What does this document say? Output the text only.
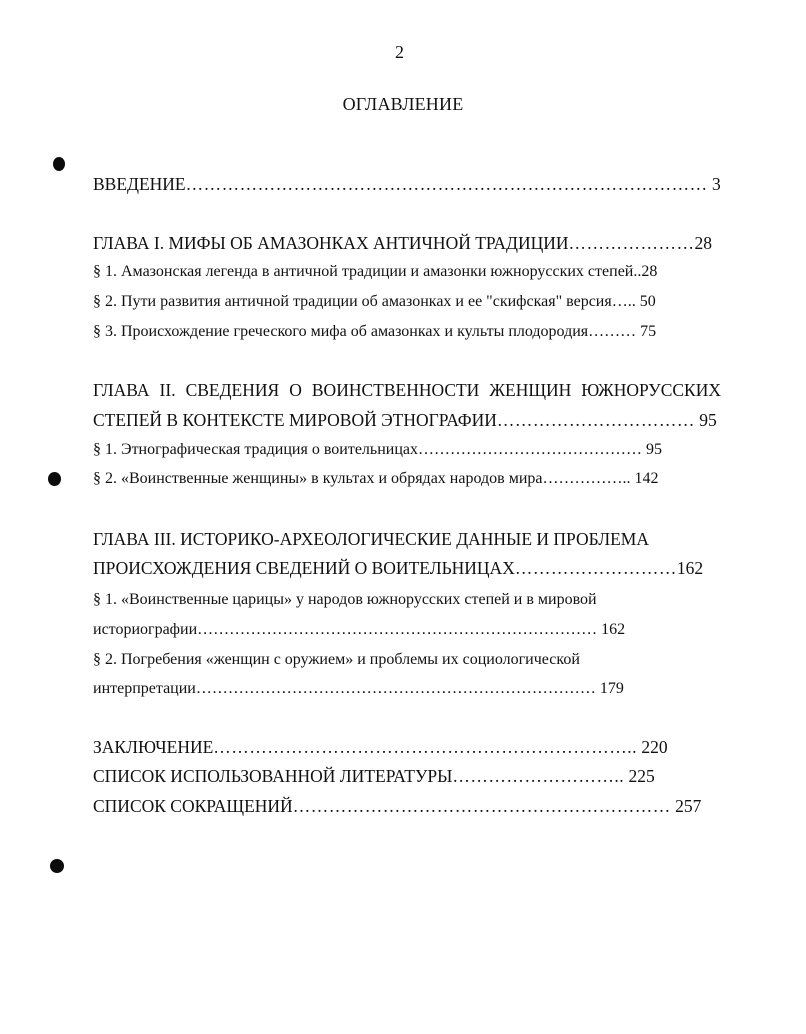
2
ОГЛАВЛЕНИЕ
ВВЕДЕНИЕ…………………………………………………………………………… 3
ГЛАВА I. МИФЫ ОБ АМАЗОНКАХ АНТИЧНОЙ ТРАДИЦИИ…………………28
§ 1. Амазонская легенда в античной традиции и амазонки южнорусских степей..28
§ 2. Пути развития античной традиции об амазонках и ее "скифская" версия….. 50
§ 3. Происхождение греческого мифа об амазонках и культы плодородия……… 75
ГЛАВА II. СВЕДЕНИЯ О ВОИНСТВЕННОСТИ ЖЕНЩИН ЮЖНОРУССКИХ
СТЕПЕЙ В КОНТЕКСТЕ МИРОВОЙ ЭТНОГРАФИИ…………………………… 95
§ 1. Этнографическая традиция о воительницах…………………………………… 95
§ 2. «Воинственные женщины» в культах и обрядах народов мира…………….. 142
ГЛАВА III. ИСТОРИКО-АРХЕОЛОГИЧЕСКИЕ ДАННЫЕ И ПРОБЛЕМА
ПРОИСХОЖДЕНИЯ СВЕДЕНИЙ О ВОИТЕЛЬНИЦАХ………………………162
§ 1. «Воинственные царицы» у народов южнорусских степей и в мировой
историографии………………………………………………………………… 162
§ 2. Погребения «женщин с оружием» и проблемы их социологической
интерпретации………………………………………………………………… 179
ЗАКЛЮЧЕНИЕ…………………………………………………………….. 220
СПИСОК ИСПОЛЬЗОВАННОЙ ЛИТЕРАТУРЫ……………………….. 225
СПИСОК СОКРАЩЕНИЙ……………………………………………………… 257
